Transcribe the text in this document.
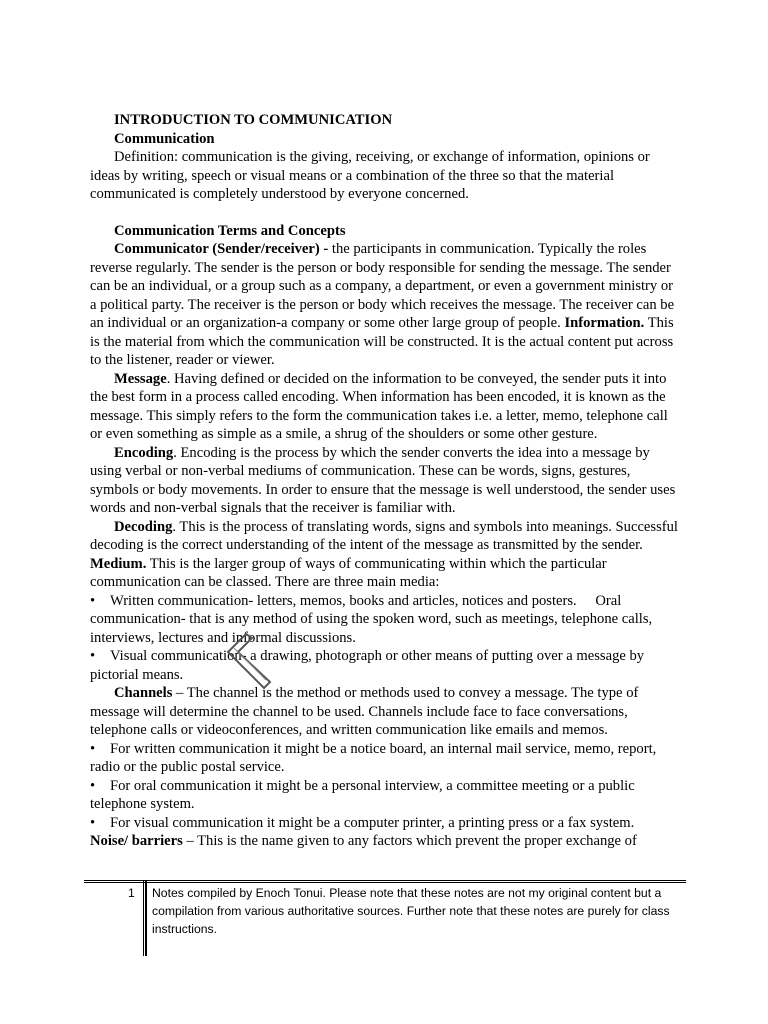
INTRODUCTION TO COMMUNICATION

Communication

Definition: communication is the giving, receiving, or exchange of information, opinions or ideas by writing, speech or visual means or a combination of the three so that the material communicated is completely understood by everyone concerned.

Communication Terms and Concepts

Communicator (Sender/receiver) - the participants in communication. Typically the roles reverse regularly. The sender is the person or body responsible for sending the message. The sender can be an individual, or a group such as a company, a department, or even a government ministry or a political party. The receiver is the person or body which receives the message. The receiver can be an individual or an organization-a company or some other large group of people. Information. This is the material from which the communication will be constructed. It is the actual content put across to the listener, reader or viewer.

Message. Having defined or decided on the information to be conveyed, the sender puts it into the best form in a process called encoding. When information has been encoded, it is known as the message. This simply refers to the form the communication takes i.e. a letter, memo, telephone call or even something as simple as a smile, a shrug of the shoulders or some other gesture.

Encoding. Encoding is the process by which the sender converts the idea into a message by using verbal or non-verbal mediums of communication. These can be words, signs, gestures, symbols or body movements. In order to ensure that the message is well understood, the sender uses words and non-verbal signals that the receiver is familiar with.

Decoding. This is the process of translating words, signs and symbols into meanings. Successful decoding is the correct understanding of the intent of the message as transmitted by the sender. Medium. This is the larger group of ways of communicating within which the particular communication can be classed. There are three main media:

• Written communication- letters, memos, books and articles, notices and posters. Oral communication- that is any method of using the spoken word, such as meetings, telephone calls, interviews, lectures and informal discussions.

• Visual communication- a drawing, photograph or other means of putting over a message by pictorial means.

Channels – The channel is the method or methods used to convey a message. The type of message will determine the channel to be used. Channels include face to face conversations, telephone calls or videoconferences, and written communication like emails and memos.

• For written communication it might be a notice board, an internal mail service, memo, report, radio or the public postal service.

• For oral communication it might be a personal interview, a committee meeting or a public telephone system.

• For visual communication it might be a computer printer, a printing press or a fax system.

Noise/ barriers – This is the name given to any factors which prevent the proper exchange of

1	Notes compiled by Enoch Tonui. Please note that these notes are not my original content but a compilation from various authoritative sources. Further note that these notes are purely for class instructions.
